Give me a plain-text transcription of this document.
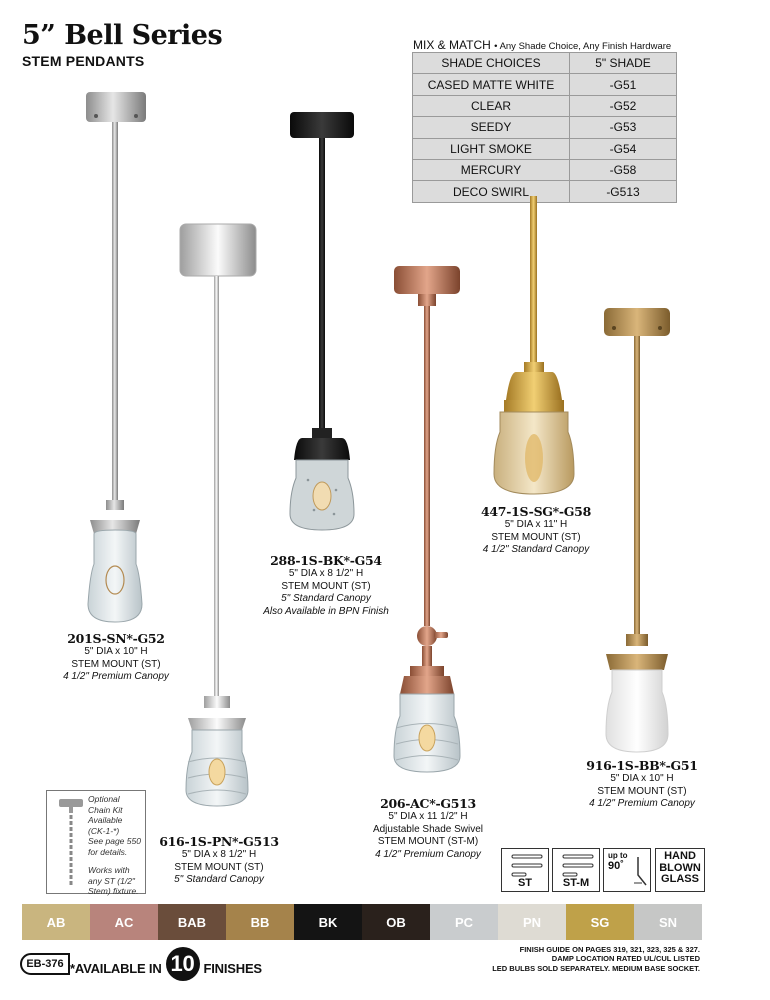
5” Bell Series
STEM PENDANTS
MIX & MATCH • Any Shade Choice, Any Finish Hardware
SHADE CHOICES	5" SHADE
CASED MATTE WHITE	-G51
CLEAR	-G52
SEEDY	-G53
LIGHT SMOKE	-G54
MERCURY	-G58
DECO SWIRL	-G513
201S-SN*-G52
5" DIA x 10" H
STEM MOUNT (ST)
4 1/2" Premium Canopy
616-1S-PN*-G513
5" DIA x 8 1/2" H
STEM MOUNT (ST)
5" Standard Canopy
288-1S-BK*-G54
5" DIA x 8 1/2" H
STEM MOUNT (ST)
5" Standard Canopy
Also Available in BPN Finish
206-AC*-G513
5" DIA x 11 1/2" H
Adjustable Shade Swivel
STEM MOUNT (ST-M)
4 1/2" Premium Canopy
447-1S-SG*-G58
5" DIA x 11" H
STEM MOUNT (ST)
4 1/2" Standard Canopy
916-1S-BB*-G51
5" DIA x 10" H
STEM MOUNT (ST)
4 1/2" Premium Canopy
Optional
Chain Kit
Available
(CK-1-*)
See page 550
for details.
Works with
any ST (1/2"
Stem) fixture.
ST	ST-M
up to
90˚
HAND
BLOWN
GLASS
AB	AC	BAB	BB	BK	OB	PC	PN	SG	SN
EB-376 *AVAILABLE IN 10 FINISHES
FINISH GUIDE ON PAGES 319, 321, 323, 325 & 327.
DAMP LOCATION RATED UL/CUL LISTED
LED BULBS SOLD SEPARATELY. MEDIUM BASE SOCKET.
